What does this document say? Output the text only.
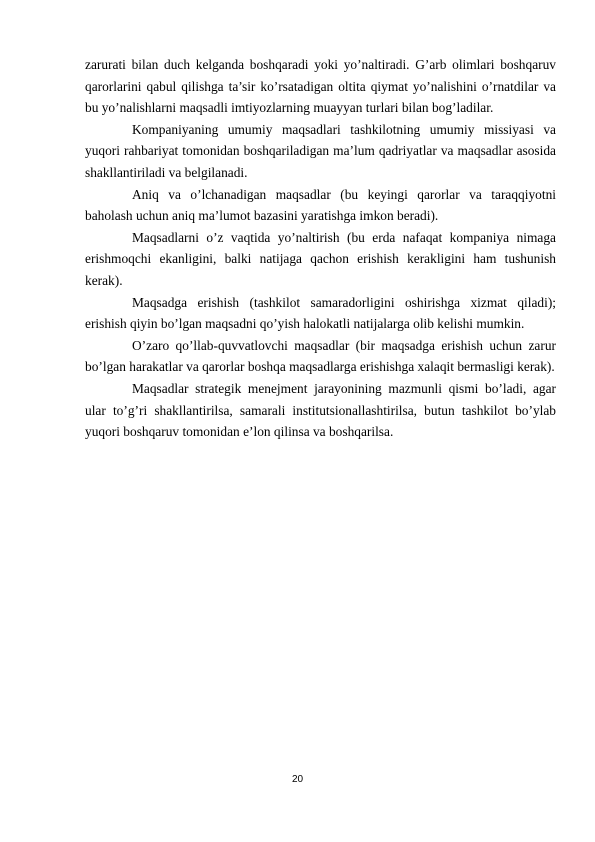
zarurati bilan duch kelganda boshqaradi yoki yo’naltiradi. G’arb olimlari boshqaruv qarorlarini qabul qilishga ta’sir ko’rsatadigan oltita qiymat yo’nalishini o’rnatdilar va bu yo’nalishlarni maqsadli imtiyozlarning muayyan turlari bilan bog’ladilar.

Kompaniyaning umumiy maqsadlari tashkilotning umumiy missiyasi va yuqori rahbariyat tomonidan boshqariladigan ma’lum qadriyatlar va maqsadlar asosida shakllantiriladi va belgilanadi.

Aniq va o’lchanadigan maqsadlar (bu keyingi qarorlar va taraqqiyotni baholash uchun aniq ma’lumot bazasini yaratishga imkon beradi).

Maqsadlarni o’z vaqtida yo’naltirish (bu erda nafaqat kompaniya nimaga erishmoqchi ekanligini, balki natijaga qachon erishish kerakligini ham tushunish kerak).

Maqsadga erishish (tashkilot samaradorligini oshirishga xizmat qiladi); erishish qiyin bo’lgan maqsadni qo’yish halokatli natijalarga olib kelishi mumkin.

O’zaro qo’llab-quvvatlovchi maqsadlar (bir maqsadga erishish uchun zarur bo’lgan harakatlar va qarorlar boshqa maqsadlarga erishishga xalaqit bermasligi kerak).

Maqsadlar strategik menejment jarayonining mazmunli qismi bo’ladi, agar ular to’g’ri shakllantirilsa, samarali institutsionallashtirilsa, butun tashkilot bo’ylab yuqori boshqaruv tomonidan e’lon qilinsa va boshqarilsa.

20
